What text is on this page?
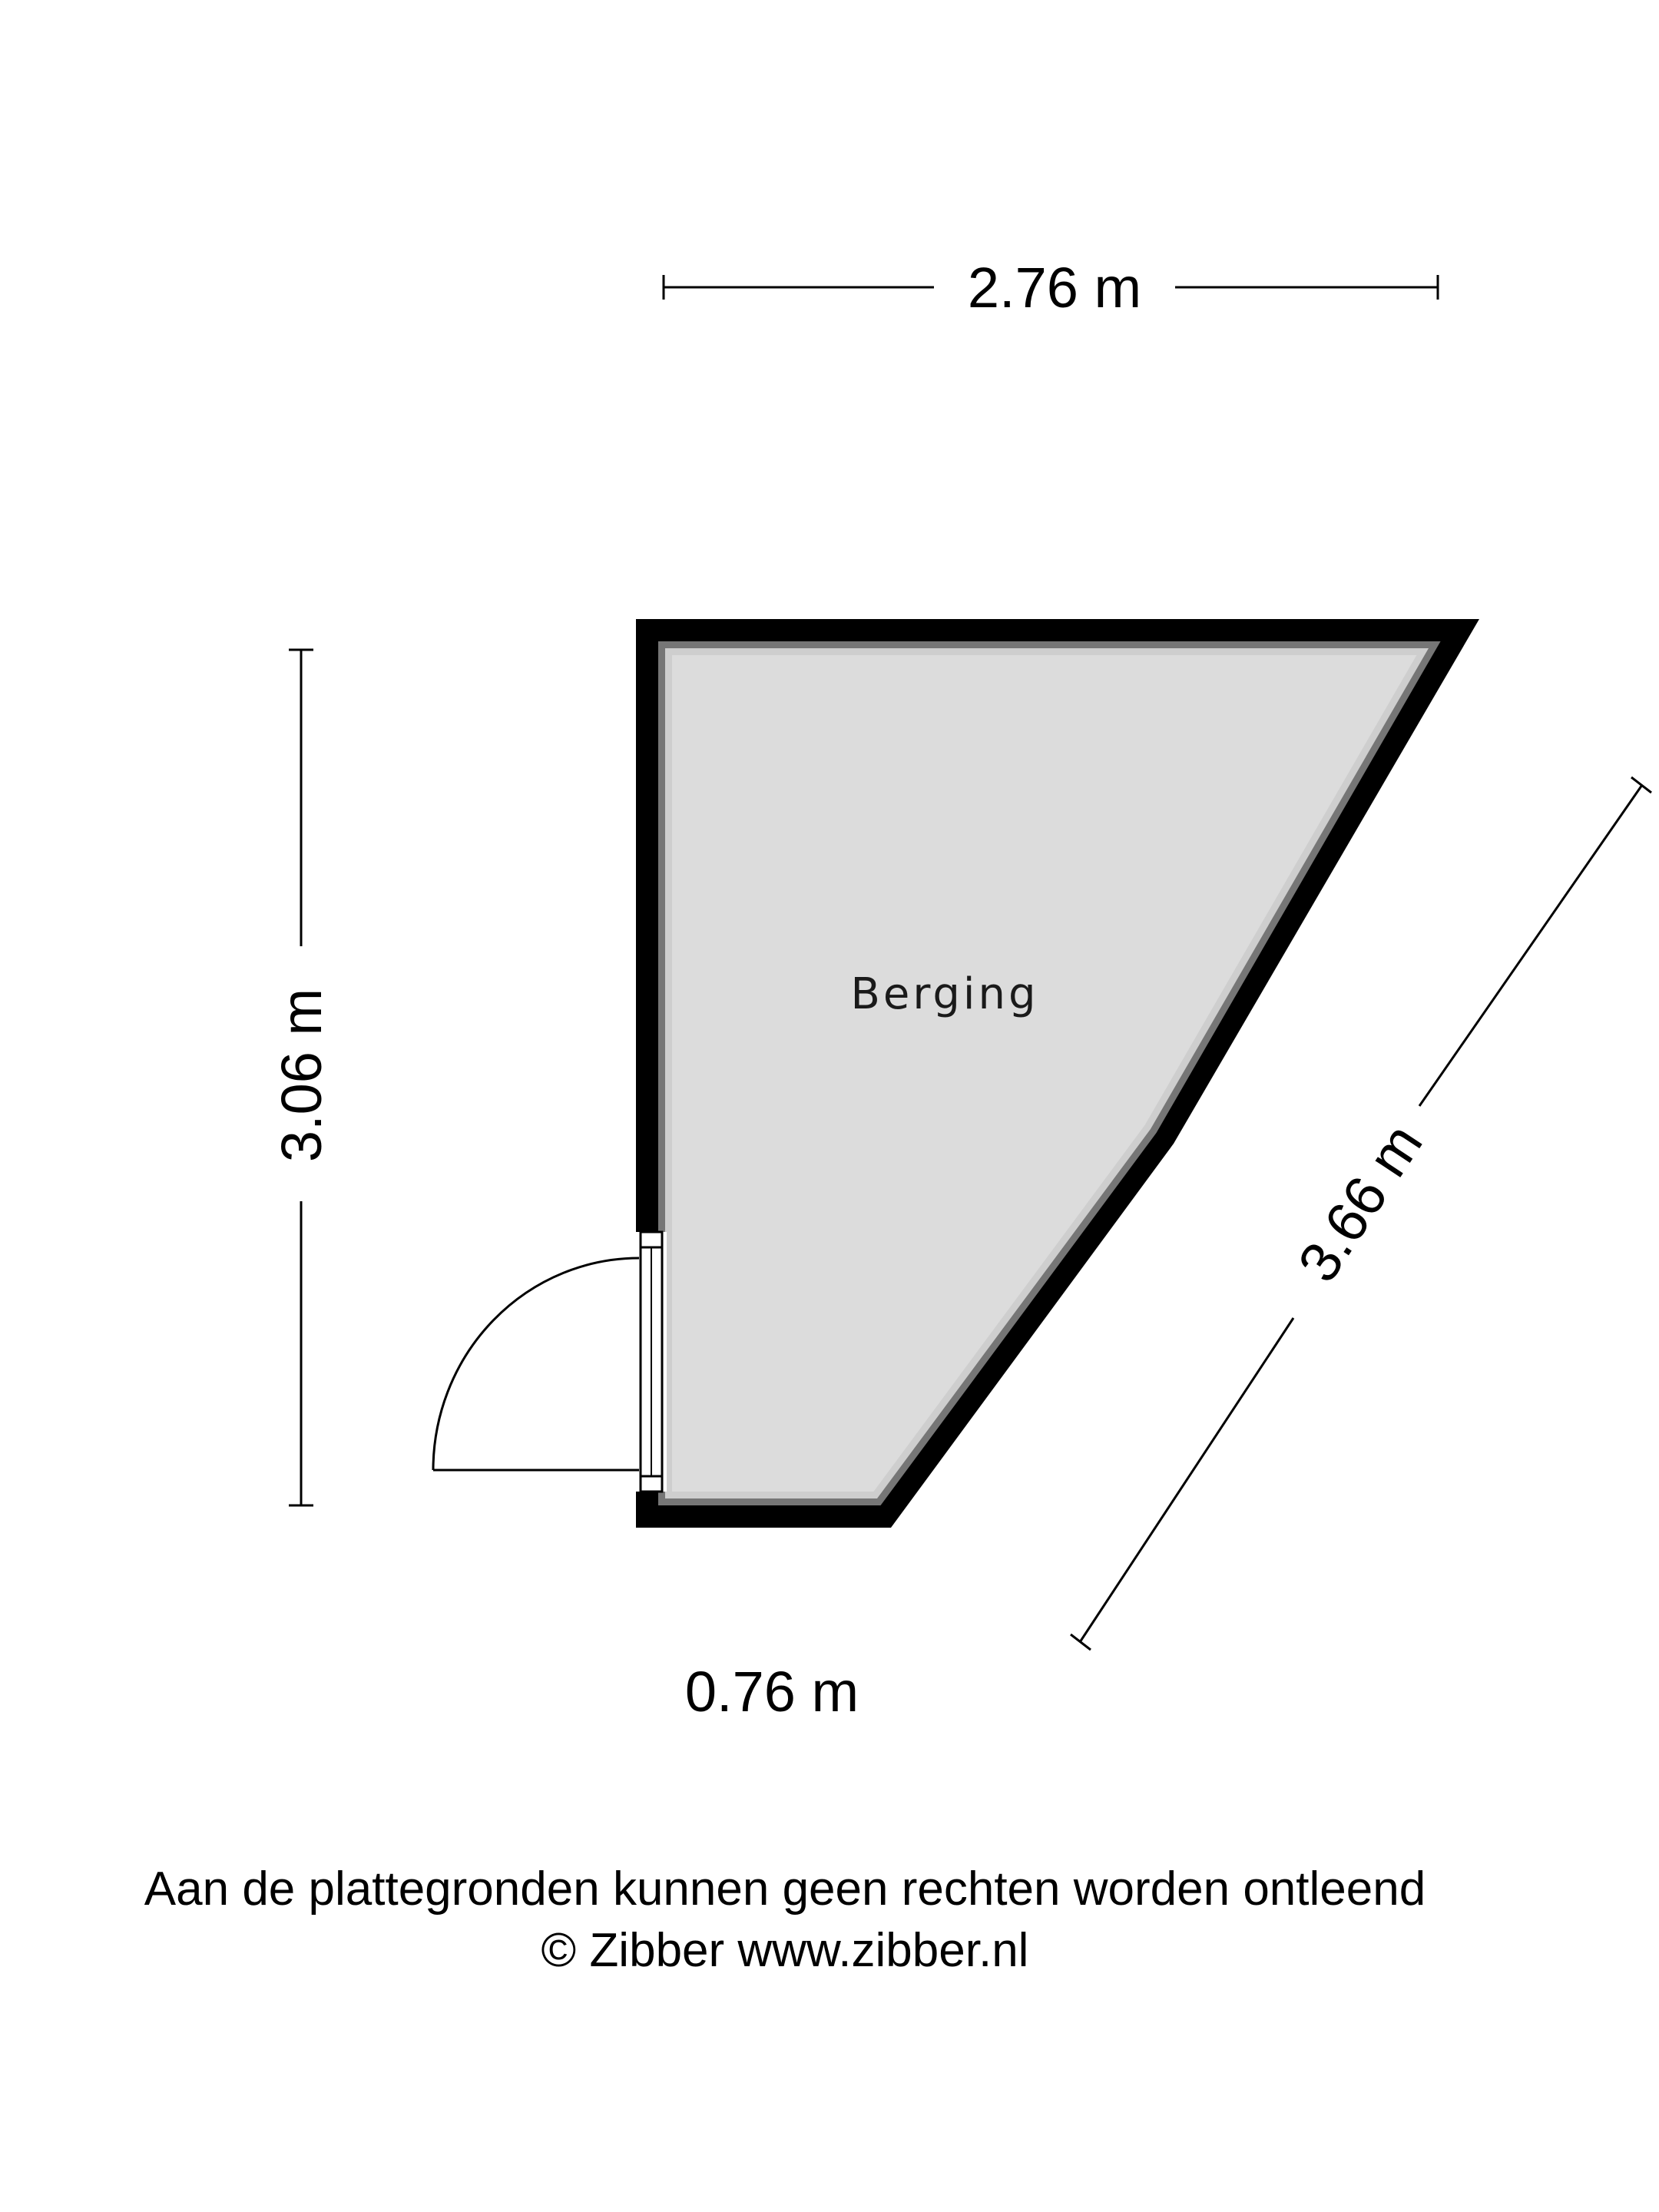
Berging
2.76 m
3.06 m
3.66 m
0.76 m
Aan de plattegronden kunnen geen rechten worden ontleend
© Zibber www.zibber.nl
